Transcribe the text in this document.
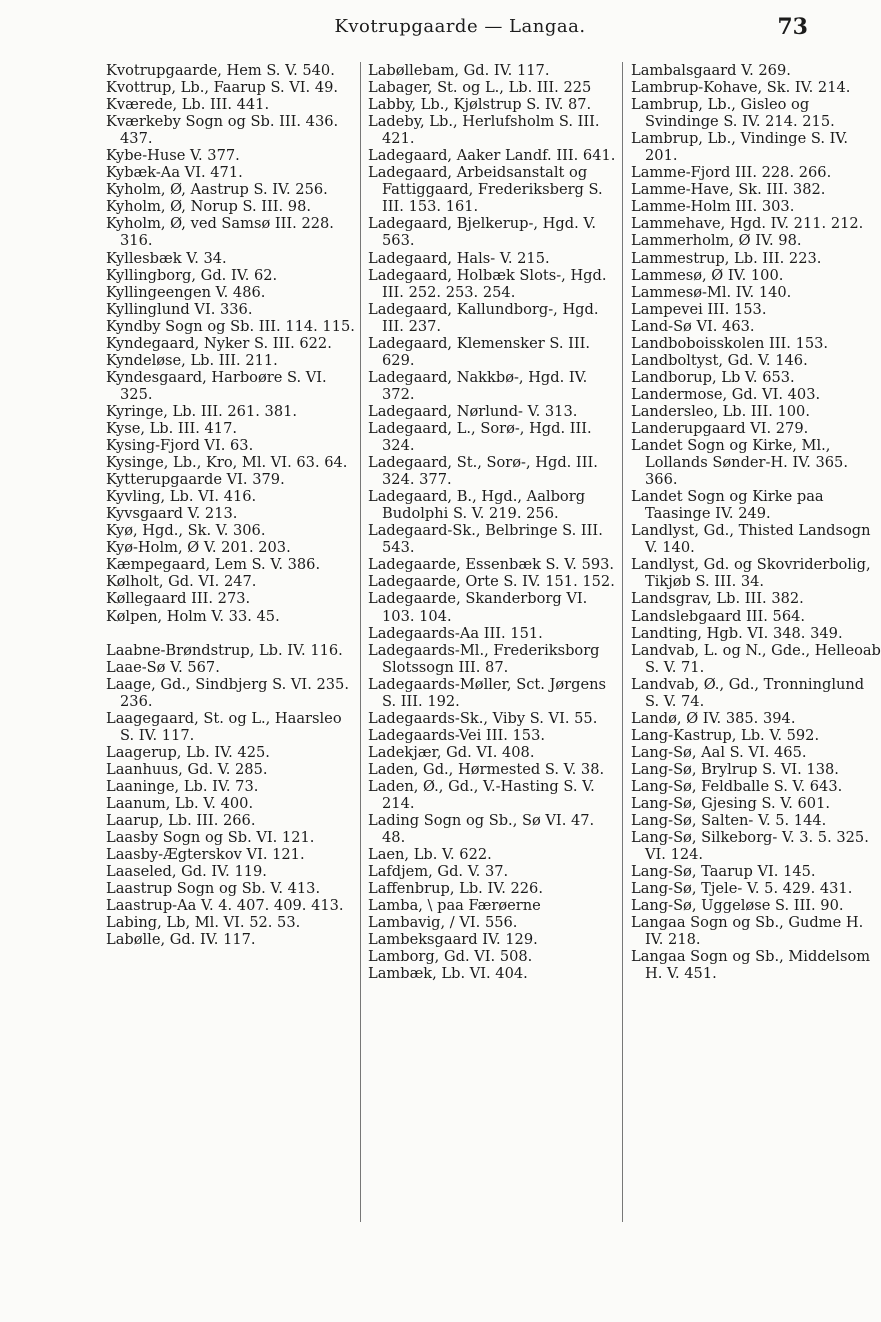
Kvotrupgaarde — Langaa.	73

Kvotrupgaarde, Hem S. V. 540.

Kvottrup, Lb., Faarup S. VI. 49.

Kværede, Lb. III. 441.

Kværkeby Sogn og Sb. III. 436. 437.

Kybe-Huse V. 377.

Kybæk-Aa VI. 471.

Kyholm, Ø, Aastrup S. IV. 256.

Kyholm, Ø, Norup S. III. 98.

Kyholm, Ø, ved Samsø III. 228. 316.

Kyllesbæk V. 34.

Kyllingborg, Gd. IV. 62.

Kyllingeengen V. 486.

Kyllinglund VI. 336.

Kyndby Sogn og Sb. III. 114. 115.

Kyndegaard, Nyker S. III. 622.

Kyndeløse, Lb. III. 211.

Kyndesgaard, Harboøre S. VI. 325.

Kyringe, Lb. III. 261. 381.

Kyse, Lb. III. 417.

Kysing-Fjord VI. 63.

Kysinge, Lb., Kro, Ml. VI. 63. 64.

Kytterupgaarde VI. 379.

Kyvling, Lb. VI. 416.

Kyvsgaard V. 213.

Kyø, Hgd., Sk. V. 306.

Kyø-Holm, Ø V. 201. 203.

Kæmpegaard, Lem S. V. 386.

Kølholt, Gd. VI. 247.

Køllegaard III. 273.

Kølpen, Holm V. 33. 45.

Laabne-Brøndstrup, Lb. IV. 116.

Laae-Sø V. 567.

Laage, Gd., Sindbjerg S. VI. 235. 236.

Laagegaard, St. og L., Haarsleo S. IV. 117.

Laagerup, Lb. IV. 425.

Laanhuus, Gd. V. 285.

Laaninge, Lb. IV. 73.

Laanum, Lb. V. 400.

Laarup, Lb. III. 266.

Laasby Sogn og Sb. VI. 121.

Laasby-Ægterskov VI. 121.

Laaseled, Gd. IV. 119.

Laastrup Sogn og Sb. V. 413.

Laastrup-Aa V. 4. 407. 409. 413.

Labing, Lb, Ml. VI. 52. 53.

Labølle, Gd. IV. 117.

Labøllebam, Gd. IV. 117.

Labager, St. og L., Lb. III. 225

Labby, Lb., Kjølstrup S. IV. 87.

Ladeby, Lb., Herlufsholm S. III. 421.

Ladegaard, Aaker Landf. III. 641.

Ladegaard, Arbeidsanstalt og Fattiggaard, Frederiksberg S. III. 153. 161.

Ladegaard, Bjelkerup-, Hgd. V. 563.

Ladegaard, Hals- V. 215.

Ladegaard, Holbæk Slots-, Hgd. III. 252. 253. 254.

Ladegaard, Kallundborg-, Hgd. III. 237.

Ladegaard, Klemensker S. III. 629.

Ladegaard, Nakkbø-, Hgd. IV. 372.

Ladegaard, Nørlund- V. 313.

Ladegaard, L., Sorø-, Hgd. III. 324.

Ladegaard, St., Sorø-, Hgd. III. 324. 377.

Ladegaard, B., Hgd., Aalborg Budolphi S. V. 219. 256.

Ladegaard-Sk., Belbringe S. III. 543.

Ladegaarde, Essenbæk S. V. 593.

Ladegaarde, Orte S. IV. 151. 152.

Ladegaarde, Skanderborg VI. 103. 104.

Ladegaards-Aa III. 151.

Ladegaards-Ml., Frederiksborg Slotssogn III. 87.

Ladegaards-Møller, Sct. Jørgens S. III. 192.

Ladegaards-Sk., Viby S. VI. 55.

Ladegaards-Vei III. 153.

Ladekjær, Gd. VI. 408.

Laden, Gd., Hørmested S. V. 38.

Laden, Ø., Gd., V.-Hasting S. V. 214.

Lading Sogn og Sb., Sø VI. 47. 48.

Laen, Lb. V. 622.

Lafdjem, Gd. V. 37.

Laffenbrup, Lb. IV. 226.

Lamba, \ paa Færøerne

Lambavig, / VI. 556.

Lambeksgaard IV. 129.

Lamborg, Gd. VI. 508.

Lambæk, Lb. VI. 404.

Lambalsgaard V. 269.

Lambrup-Kohave, Sk. IV. 214.

Lambrup, Lb., Gisleo og Svindinge S. IV. 214. 215.

Lambrup, Lb., Vindinge S. IV. 201.

Lamme-Fjord III. 228. 266.

Lamme-Have, Sk. III. 382.

Lamme-Holm III. 303.

Lammehave, Hgd. IV. 211. 212.

Lammerholm, Ø IV. 98.

Lammestrup, Lb. III. 223.

Lammesø, Ø IV. 100.

Lammesø-Ml. IV. 140.

Lampevei III. 153.

Land-Sø VI. 463.

Landboboisskolen III. 153.

Landboltyst, Gd. V. 146.

Landborup, Lb V. 653.

Landermose, Gd. VI. 403.

Landersleo, Lb. III. 100.

Landerupgaard VI. 279.

Landet Sogn og Kirke, Ml., Lollands Sønder-H. IV. 365. 366.

Landet Sogn og Kirke paa Taasinge IV. 249.

Landlyst, Gd., Thisted Landsogn V. 140.

Landlyst, Gd. og Skovriderbolig, Tikjøb S. III. 34.

Landsgrav, Lb. III. 382.

Landslebgaard III. 564.

Landting, Hgb. VI. 348. 349.

Landvab, L. og N., Gde., Helleoab S. V. 71.

Landvab, Ø., Gd., Tronninglund S. V. 74.

Landø, Ø IV. 385. 394.

Lang-Kastrup, Lb. V. 592.

Lang-Sø, Aal S. VI. 465.

Lang-Sø, Brylrup S. VI. 138.

Lang-Sø, Feldballe S. V. 643.

Lang-Sø, Gjesing S. V. 601.

Lang-Sø, Salten- V. 5. 144.

Lang-Sø, Silkeborg- V. 3. 5. 325. VI. 124.

Lang-Sø, Taarup VI. 145.

Lang-Sø, Tjele- V. 5. 429. 431.

Lang-Sø, Uggeløse S. III. 90.

Langaa Sogn og Sb., Gudme H. IV. 218.

Langaa Sogn og Sb., Middelsom H. V. 451.
